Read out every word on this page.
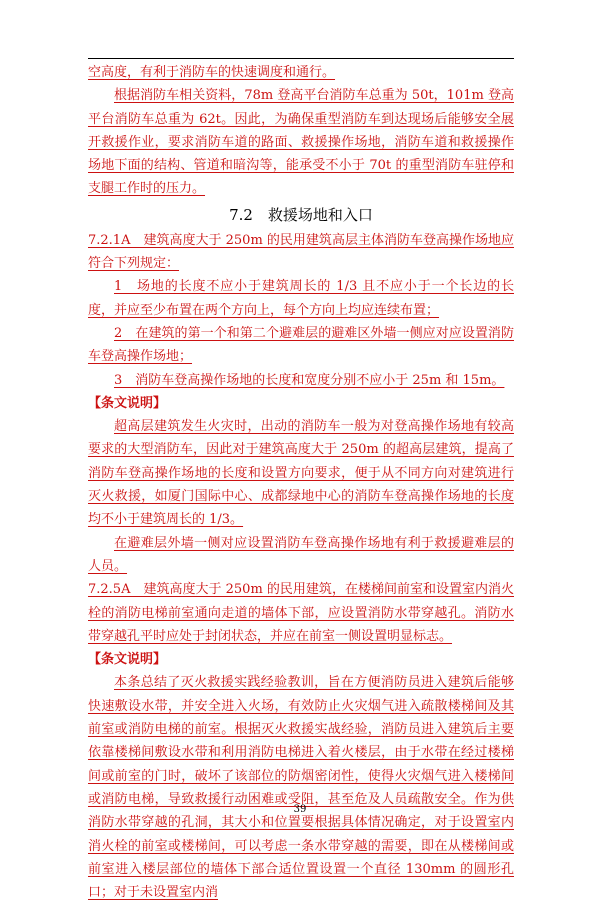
空高度，有利于消防车的快速调度和通行。

根据消防车相关资料，78m 登高平台消防车总重为 50t，101m 登高平台消防车总重为 62t。因此，为确保重型消防车到达现场后能够安全展开救援作业，要求消防车道的路面、救援操作场地，消防车道和救援操作场地下面的结构、管道和暗沟等，能承受不小于 70t 的重型消防车驻停和支腿工作时的压力。

7.2　救援场地和入口

7.2.1A　建筑高度大于 250m 的民用建筑高层主体消防车登高操作场地应符合下列规定：

1　场地的长度不应小于建筑周长的 1/3 且不应小于一个长边的长度，并应至少布置在两个方向上，每个方向上均应连续布置；

2　在建筑的第一个和第二个避难层的避难区外墙一侧应对应设置消防车登高操作场地；

3　消防车登高操作场地的长度和宽度分别不应小于 25m 和 15m。

【条文说明】

超高层建筑发生火灾时，出动的消防车一般为对登高操作场地有较高要求的大型消防车，因此对于建筑高度大于 250m 的超高层建筑，提高了消防车登高操作场地的长度和设置方向要求，便于从不同方向对建筑进行灭火救援，如厦门国际中心、成都绿地中心的消防车登高操作场地的长度均不小于建筑周长的 1/3。

在避难层外墙一侧对应设置消防车登高操作场地有利于救援避难层的人员。

7.2.5A　建筑高度大于 250m 的民用建筑，在楼梯间前室和设置室内消火栓的消防电梯前室通向走道的墙体下部，应设置消防水带穿越孔。消防水带穿越孔平时应处于封闭状态，并应在前室一侧设置明显标志。

【条文说明】

本条总结了灭火救援实践经验教训，旨在方便消防员进入建筑后能够快速敷设水带，并安全进入火场，有效防止火灾烟气进入疏散楼梯间及其前室或消防电梯的前室。根据灭火救援实战经验，消防员进入建筑后主要依靠楼梯间敷设水带和利用消防电梯进入着火楼层，由于水带在经过楼梯间或前室的门时，破坏了该部位的防烟密闭性，使得火灾烟气进入楼梯间或消防电梯，导致救援行动困难或受阻，甚至危及人员疏散安全。作为供消防水带穿越的孔洞，其大小和位置要根据具体情况确定，对于设置室内消火栓的前室或楼梯间，可以考虑一条水带穿越的需要，即在从楼梯间或前室进入楼层部位的墙体下部合适位置设置一个直径 130mm 的圆形孔口；对于未设置室内消

39
